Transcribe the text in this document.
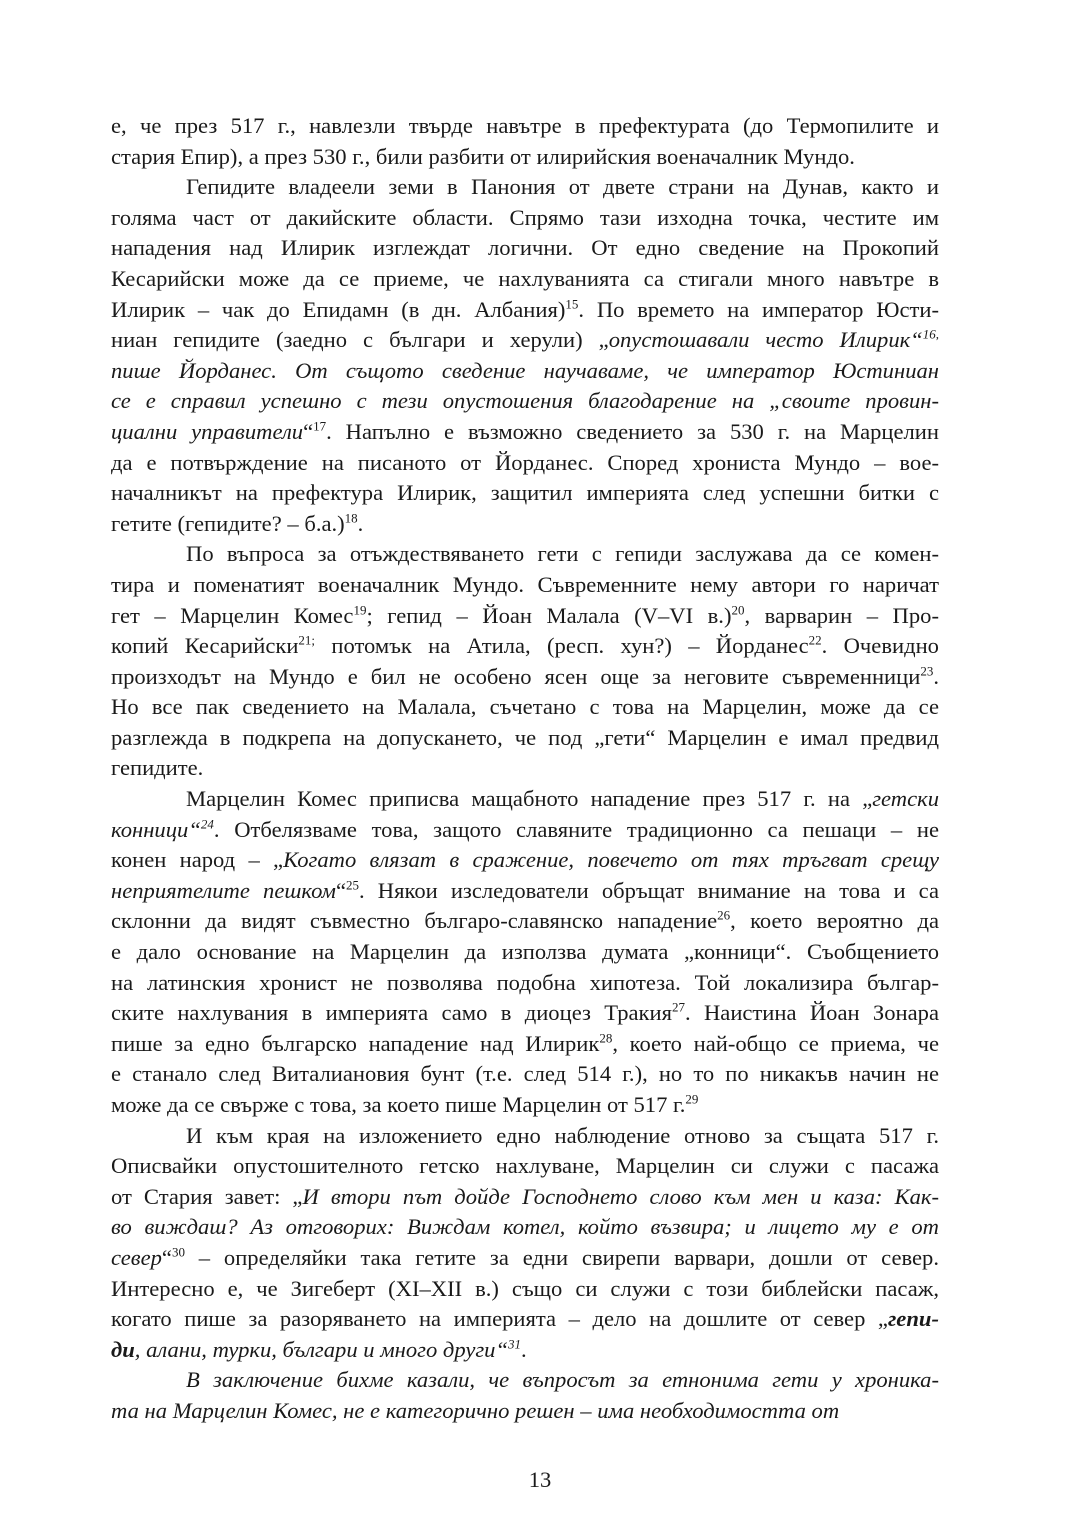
е, че през 517 г., навлезли твърде навътре в префектурата (до Термопилите и
стария Епир), а през 530 г., били разбити от илирийския военачалник Мундо.
Гепидите владеели земи в Панония от двете страни на Дунав, както и
голяма част от дакийските области. Спрямо тази изходна точка, честите им
нападения над Илирик изглеждат логични. От едно сведение на Прокопий
Кесарийски може да се приеме, че нахлуванията са стигали много навътре в
Илирик – чак до Епидамн (в дн. Албания)$^{15}$. По времето на император Юсти-
ниан гепидите (заедно с българи и херули) „опустошавали често Илирик“$^{16,}$
пише Йорданес. От същото сведение научаваме, че император Юстиниан
се е справил успешно с тези опустошения благодарение на „своите провин-
циални управители“$^{17}$. Напълно е възможно сведението за 530 г. на Марцелин
да е потвърждение на писаното от Йорданес. Според хрониста Мундо – вое-
началникът на префектура Илирик, защитил империята след успешни битки с
гетите (гепидите? – б.а.)$^{18}$.
По въпроса за отъждествяването гети с гепиди заслужава да се комен-
тира и поменатият военачалник Мундо. Съвременните нему автори го наричат
гет – Марцелин Комес$^{19}$; гепид – Йоан Малала (V–VI в.)$^{20}$, варварин – Про-
копий Кесарийски$^{21;}$ потомък на Атила, (респ. хун?) – Йорданес$^{22}$. Очевидно
произходът на Мундо е бил не особено ясен още за неговите съвременници$^{23}$.
Но все пак сведението на Малала, съчетано с това на Марцелин, може да се
разглежда в подкрепа на допускането, че под „гети“ Марцелин е имал предвид
гепидите.
Марцелин Комес приписва мащабното нападение през 517 г. на „гетски
конници“$^{24}$. Отбелязваме това, защото славяните традиционно са пешаци – не
конен народ – „Когато влязат в сражение, повечето от тях тръгват срещу
неприятелите пешком“$^{25}$. Някои изследователи обръщат внимание на това и са
склонни да видят съвместно българо-славянско нападение$^{26}$, което вероятно да
е дало основание на Марцелин да използва думата „конници“. Съобщението
на латинския хронист не позволява подобна хипотеза. Той локализира българ-
ските нахлувания в империята само в диоцез Тракия$^{27}$. Наистина Йоан Зонара
пише за едно българско нападение над Илирик$^{28}$, което най-общо се приема, че
е станало след Виталиановия бунт (т.е. след 514 г.), но то по никакъв начин не
може да се свърже с това, за което пише Марцелин от 517 г.$^{29}$
И към края на изложението едно наблюдение отново за същата 517 г.
Описвайки опустошителното гетско нахлуване, Марцелин си служи с пасажа
от Стария завет: „И втори път дойде Господнето слово към мен и каза: Как-
во виждаш? Аз отговорих: Виждам котел, който възвира; и лицето му е от
север“$^{30}$ – определяйки така гетите за едни свирепи варвари, дошли от север.
Интересно е, че Зигеберт (XI–XII в.) също си служи с този библейски пасаж,
когато пише за разоряването на империята – дело на дошлите от север „гепи-
ди, алани, турки, българи и много други“$^{31}$.
В заключение бихме казали, че въпросът за етнонима гети у хроника-
та на Марцелин Комес, не е категорично решен – има необходимостта от
13
